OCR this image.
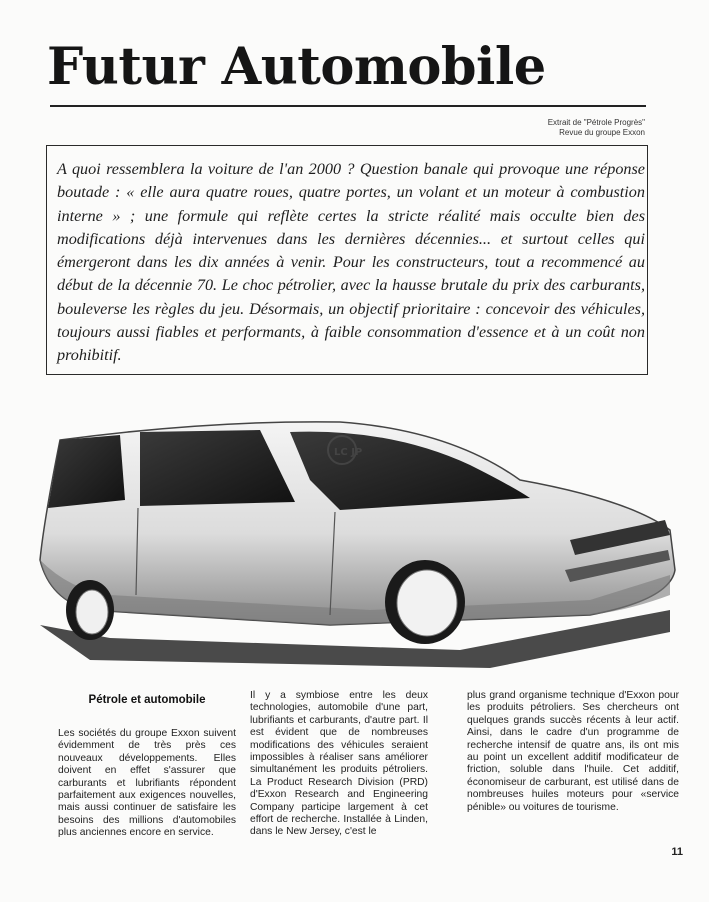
Futur Automobile
Extrait de "Pétrole Progrès"
Revue du groupe Exxon

A quoi ressemblera la voiture de l'an 2000 ? Question banale qui provoque une réponse boutade : « elle aura quatre roues, quatre portes, un volant et un moteur à combustion interne » ; une formule qui reflète certes la stricte réalité mais occulte bien des modifications déjà intervenues dans les dernières décennies... et surtout celles qui émergeront dans les dix années à venir. Pour les constructeurs, tout a recommencé au début de la décennie 70. Le choc pétrolier, avec la hausse brutale du prix des carburants, bouleverse les règles du jeu. Désormais, un objectif prioritaire : concevoir des véhicules, toujours aussi fiables et performants, à faible consommation d'essence et à un coût non prohibitif.

LC JP
Pétrole et automobile

Les sociétés du groupe Exxon suivent évidemment de très près ces nouveaux développements. Elles doivent en effet s'assurer que carburants et lubrifiants répondent parfaitement aux exigences nouvelles, mais aussi continuer de satisfaire les besoins des millions d'automobiles plus anciennes encore en service.

Il y a symbiose entre les deux technologies, automobile d'une part, lubrifiants et carburants, d'autre part. Il est évident que de nombreuses modifications des véhicules seraient impossibles à réaliser sans améliorer simultanément les produits pétroliers. La Product Research Division (PRD) d'Exxon Research and Engineering Company participe largement à cet effort de recherche. Installée à Linden, dans le New Jersey, c'est le

plus grand organisme technique d'Exxon pour les produits pétroliers. Ses chercheurs ont quelques grands succès récents à leur actif. Ainsi, dans le cadre d'un programme de recherche intensif de quatre ans, ils ont mis au point un excellent additif modificateur de friction, soluble dans l'huile. Cet additif, économiseur de carburant, est utilisé dans de nombreuses huiles moteurs pour «service pénible» ou voitures de tourisme.

11
